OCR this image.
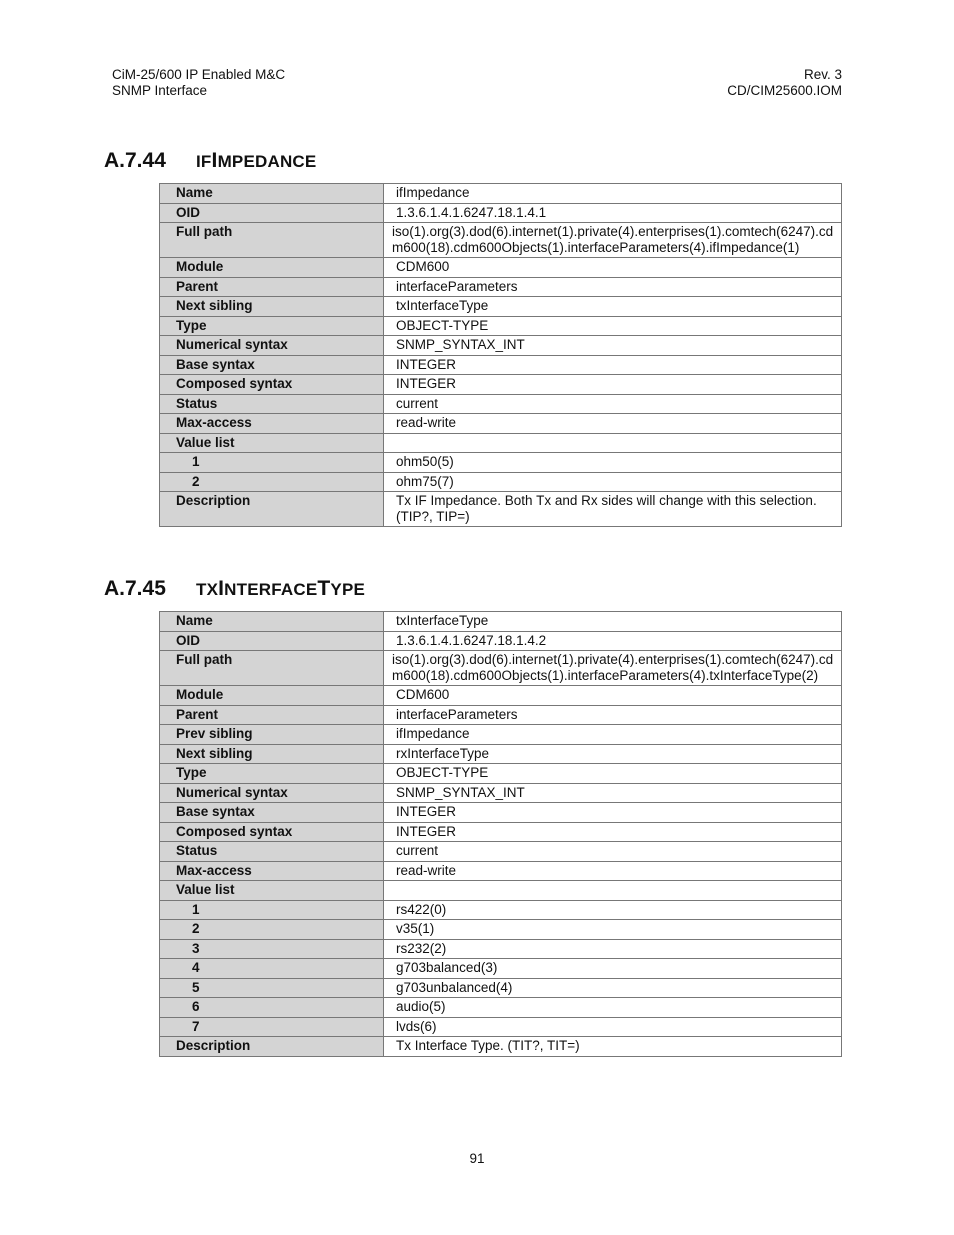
CiM-25/600 IP Enabled M&C
SNMP Interface
Rev. 3
CD/CIM25600.IOM
A.7.44	IFIMPEDANCE
Name	ifImpedance
OID	1.3.6.1.4.1.6247.18.1.4.1
Full path	iso(1).org(3).dod(6).internet(1).private(4).enterprises(1).comtech(6247).cdm600(18).cdm600Objects(1).interfaceParameters(4).ifImpedance(1)
Module	CDM600
Parent	interfaceParameters
Next sibling	txInterfaceType
Type	OBJECT-TYPE
Numerical syntax	SNMP_SYNTAX_INT
Base syntax	INTEGER
Composed syntax	INTEGER
Status	current
Max-access	read-write
Value list	
1	ohm50(5)
2	ohm75(7)
Description	Tx IF Impedance. Both Tx and Rx sides will change with this selection. (TIP?, TIP=)
A.7.45	TXINTERFACETYPE
Name	txInterfaceType
OID	1.3.6.1.4.1.6247.18.1.4.2
Full path	iso(1).org(3).dod(6).internet(1).private(4).enterprises(1).comtech(6247).cdm600(18).cdm600Objects(1).interfaceParameters(4).txInterfaceType(2)
Module	CDM600
Parent	interfaceParameters
Prev sibling	ifImpedance
Next sibling	rxInterfaceType
Type	OBJECT-TYPE
Numerical syntax	SNMP_SYNTAX_INT
Base syntax	INTEGER
Composed syntax	INTEGER
Status	current
Max-access	read-write
Value list	
1	rs422(0)
2	v35(1)
3	rs232(2)
4	g703balanced(3)
5	g703unbalanced(4)
6	audio(5)
7	lvds(6)
Description	Tx Interface Type. (TIT?, TIT=)
91
